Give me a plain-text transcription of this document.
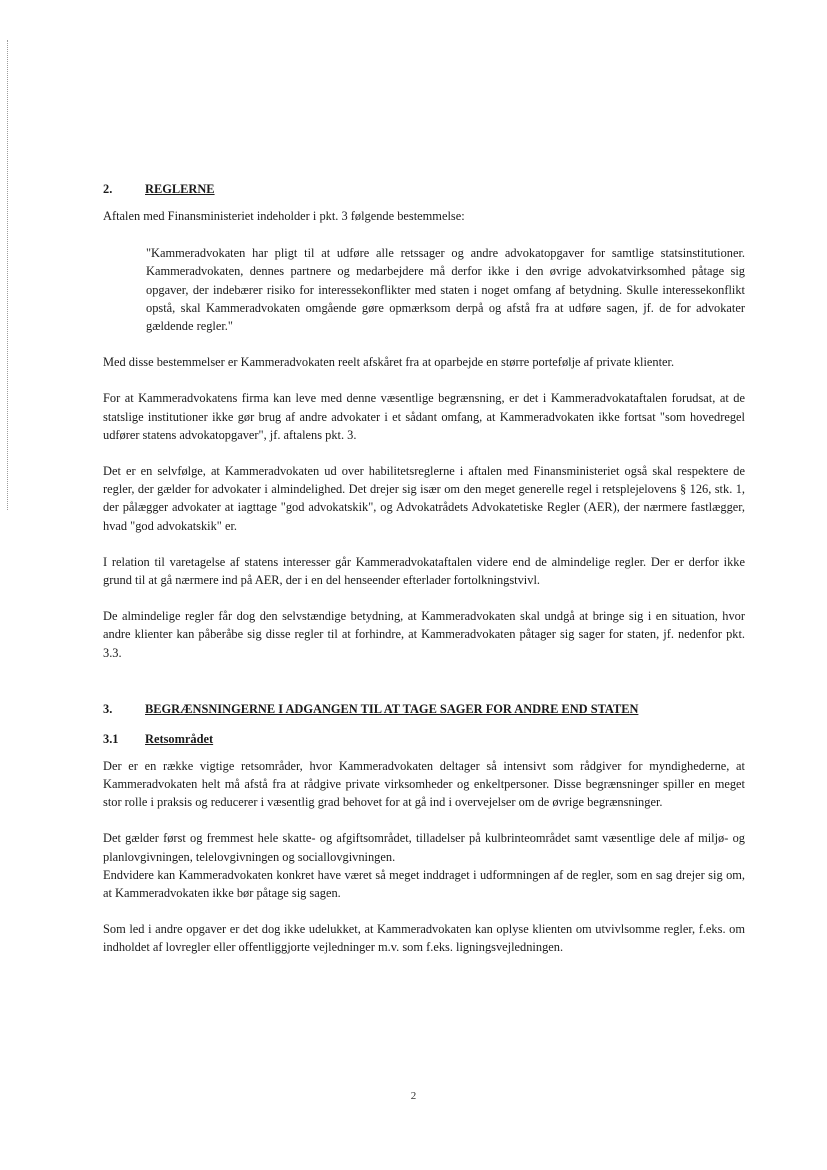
2.	REGLERNE

Aftalen med Finansministeriet indeholder i pkt. 3 følgende bestemmelse:

"Kammeradvokaten har pligt til at udføre alle retssager og andre advokatopgaver for samtlige statsinstitutioner. Kammeradvokaten, dennes partnere og medarbejdere må derfor ikke i den øvrige advokatvirksomhed påtage sig opgaver, der indebærer risiko for interessekonflikter med staten i noget omfang af betydning. Skulle interessekonflikt opstå, skal Kammeradvokaten omgående gøre opmærksom derpå og afstå fra at udføre sagen, jf. de for advokater gældende regler."

Med disse bestemmelser er Kammeradvokaten reelt afskåret fra at oparbejde en større portefølje af private klienter.

For at Kammeradvokatens firma kan leve med denne væsentlige begrænsning, er det i Kammeradvokataftalen forudsat, at de statslige institutioner ikke gør brug af andre advokater i et sådant omfang, at Kammeradvokaten ikke fortsat "som hovedregel udfører statens advokatopgaver", jf. aftalens pkt. 3.

Det er en selvfølge, at Kammeradvokaten ud over habilitetsreglerne i aftalen med Finansministeriet også skal respektere de regler, der gælder for advokater i almindelighed. Det drejer sig især om den meget generelle regel i retsplejelovens § 126, stk. 1, der pålægger advokater at iagttage "god advokatskik", og Advokatrådets Advokatetiske Regler (AER), der nærmere fastlægger, hvad "god advokatskik" er.

I relation til varetagelse af statens interesser går Kammeradvokataftalen videre end de almindelige regler. Der er derfor ikke grund til at gå nærmere ind på AER, der i en del henseender efterlader fortolkningstvivl.

De almindelige regler får dog den selvstændige betydning, at Kammeradvokaten skal undgå at bringe sig i en situation, hvor andre klienter kan påberåbe sig disse regler til at forhindre, at Kammeradvokaten påtager sig sager for staten, jf. nedenfor pkt. 3.3.

3.	BEGRÆNSNINGERNE I ADGANGEN TIL AT TAGE SAGER FOR ANDRE END STATEN
3.1	Retsområdet

Der er en række vigtige retsområder, hvor Kammeradvokaten deltager så intensivt som rådgiver for myndighederne, at Kammeradvokaten helt må afstå fra at rådgive private virksomheder og enkeltpersoner. Disse begrænsninger spiller en meget stor rolle i praksis og reducerer i væsentlig grad behovet for at gå ind i overvejelser om de øvrige begrænsninger.

Det gælder først og fremmest hele skatte- og afgiftsområdet, tilladelser på kulbrinteområdet samt væsentlige dele af miljø- og planlovgivningen, telelovgivningen og sociallovgivningen.

Endvidere kan Kammeradvokaten konkret have været så meget inddraget i udformningen af de regler, som en sag drejer sig om, at Kammeradvokaten ikke bør påtage sig sagen.

Som led i andre opgaver er det dog ikke udelukket, at Kammeradvokaten kan oplyse klienten om utvivlsomme regler, f.eks. om indholdet af lovregler eller offentliggjorte vejledninger m.v. som f.eks. ligningsvejledningen.

2
